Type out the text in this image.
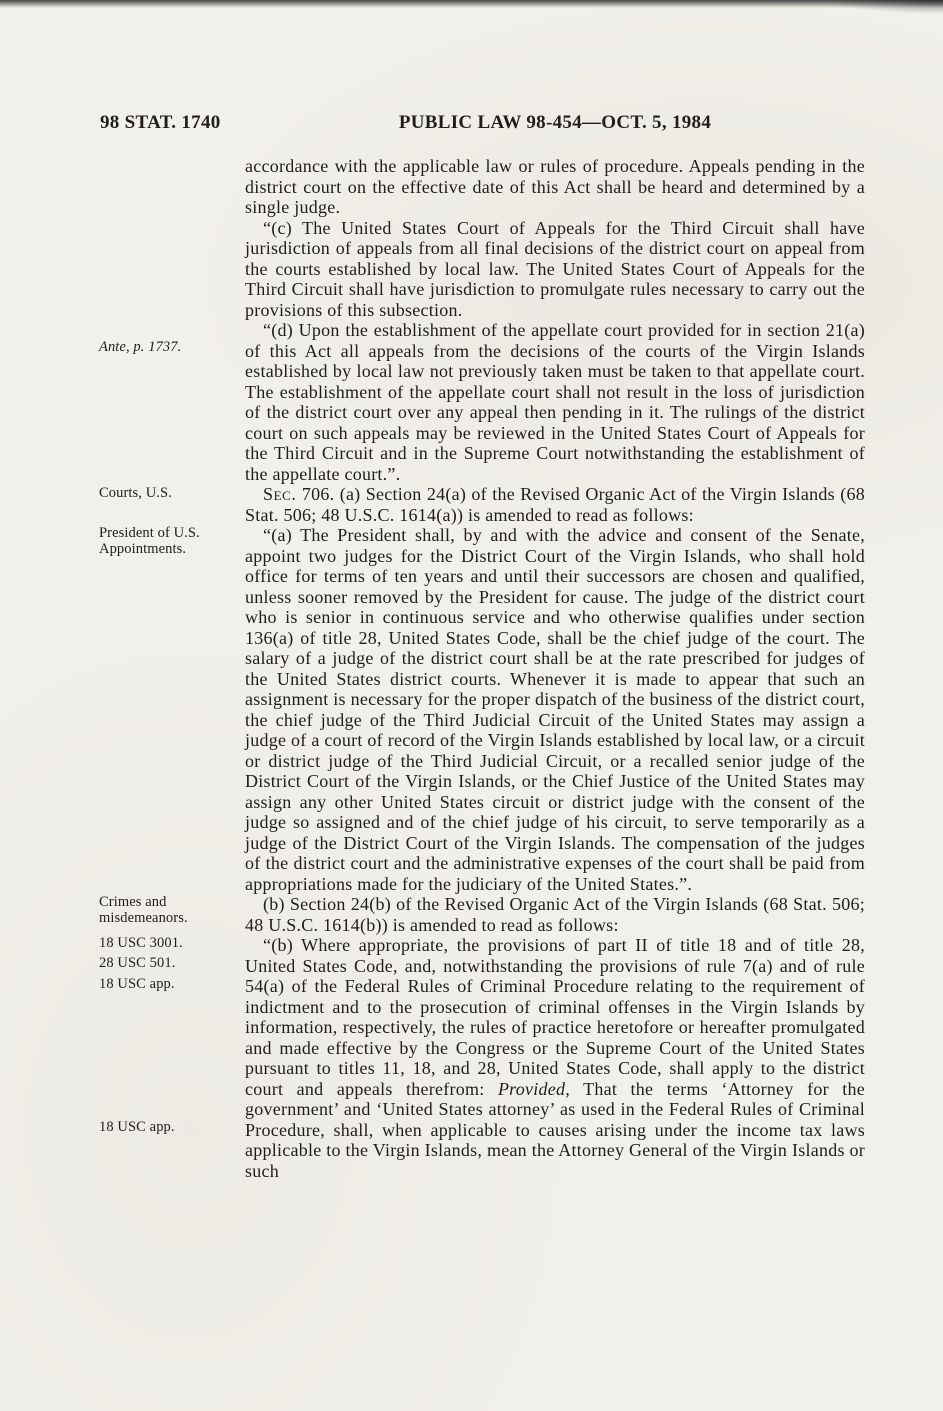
98 STAT. 1740	PUBLIC LAW 98-454—OCT. 5, 1984

accordance with the applicable law or rules of procedure. Appeals pending in the district court on the effective date of this Act shall be heard and determined by a single judge.

“(c) The United States Court of Appeals for the Third Circuit shall have jurisdiction of appeals from all final decisions of the district court on appeal from the courts established by local law. The United States Court of Appeals for the Third Circuit shall have jurisdiction to promulgate rules necessary to carry out the provisions of this subsection.

Ante, p. 1737.
“(d) Upon the establishment of the appellate court provided for in section 21(a) of this Act all appeals from the decisions of the courts of the Virgin Islands established by local law not previously taken must be taken to that appellate court. The establishment of the appellate court shall not result in the loss of jurisdiction of the district court over any appeal then pending in it. The rulings of the district court on such appeals may be reviewed in the United States Court of Appeals for the Third Circuit and in the Supreme Court notwithstanding the establishment of the appellate court.”.

Courts, U.S.	Sec. 706. (a) Section 24(a) of the Revised Organic Act of the Virgin Islands (68 Stat. 506; 48 U.S.C. 1614(a)) is amended to read as follows:

President of U.S.
Appointments.
“(a) The President shall, by and with the advice and consent of the Senate, appoint two judges for the District Court of the Virgin Islands, who shall hold office for terms of ten years and until their successors are chosen and qualified, unless sooner removed by the President for cause. The judge of the district court who is senior in continuous service and who otherwise qualifies under section 136(a) of title 28, United States Code, shall be the chief judge of the court. The salary of a judge of the district court shall be at the rate prescribed for judges of the United States district courts. Whenever it is made to appear that such an assignment is necessary for the proper dispatch of the business of the district court, the chief judge of the Third Judicial Circuit of the United States may assign a judge of a court of record of the Virgin Islands established by local law, or a circuit or district judge of the Third Judicial Circuit, or a recalled senior judge of the District Court of the Virgin Islands, or the Chief Justice of the United States may assign any other United States circuit or district judge with the consent of the judge so assigned and of the chief judge of his circuit, to serve temporarily as a judge of the District Court of the Virgin Islands. The compensation of the judges of the district court and the administrative expenses of the court shall be paid from appropriations made for the judiciary of the United States.”.

Crimes and misdemeanors.
(b) Section 24(b) of the Revised Organic Act of the Virgin Islands (68 Stat. 506; 48 U.S.C. 1614(b)) is amended to read as follows:

18 USC 3001.
28 USC 501.
18 USC app.
18 USC app.
“(b) Where appropriate, the provisions of part II of title 18 and of title 28, United States Code, and, notwithstanding the provisions of rule 7(a) and of rule 54(a) of the Federal Rules of Criminal Procedure relating to the requirement of indictment and to the prosecution of criminal offenses in the Virgin Islands by information, respectively, the rules of practice heretofore or hereafter promulgated and made effective by the Congress or the Supreme Court of the United States pursuant to titles 11, 18, and 28, United States Code, shall apply to the district court and appeals therefrom: Provided, That the terms ‘Attorney for the government’ and ‘United States attorney’ as used in the Federal Rules of Criminal Procedure, shall, when applicable to causes arising under the income tax laws applicable to the Virgin Islands, mean the Attorney General of the Virgin Islands or such
